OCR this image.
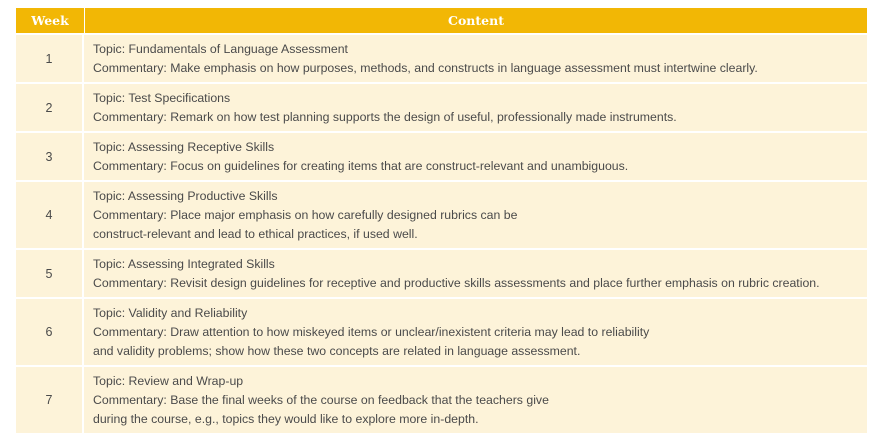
Week	Content
1
Topic: Fundamentals of Language Assessment
Commentary: Make emphasis on how purposes, methods, and constructs in language assessment must intertwine clearly.
2
Topic: Test Specifications
Commentary: Remark on how test planning supports the design of useful, professionally made instruments.
3
Topic: Assessing Receptive Skills
Commentary: Focus on guidelines for creating items that are construct-relevant and unambiguous.
4
Topic: Assessing Productive Skills
Commentary: Place major emphasis on how carefully designed rubrics can be
construct-relevant and lead to ethical practices, if used well.
5
Topic: Assessing Integrated Skills
Commentary: Revisit design guidelines for receptive and productive skills assessments and place further emphasis on rubric creation.
6
Topic: Validity and Reliability
Commentary: Draw attention to how miskeyed items or unclear/inexistent criteria may lead to reliability
and validity problems; show how these two concepts are related in language assessment.
7
Topic: Review and Wrap-up
Commentary: Base the final weeks of the course on feedback that the teachers give
during the course, e.g., topics they would like to explore more in-depth.
